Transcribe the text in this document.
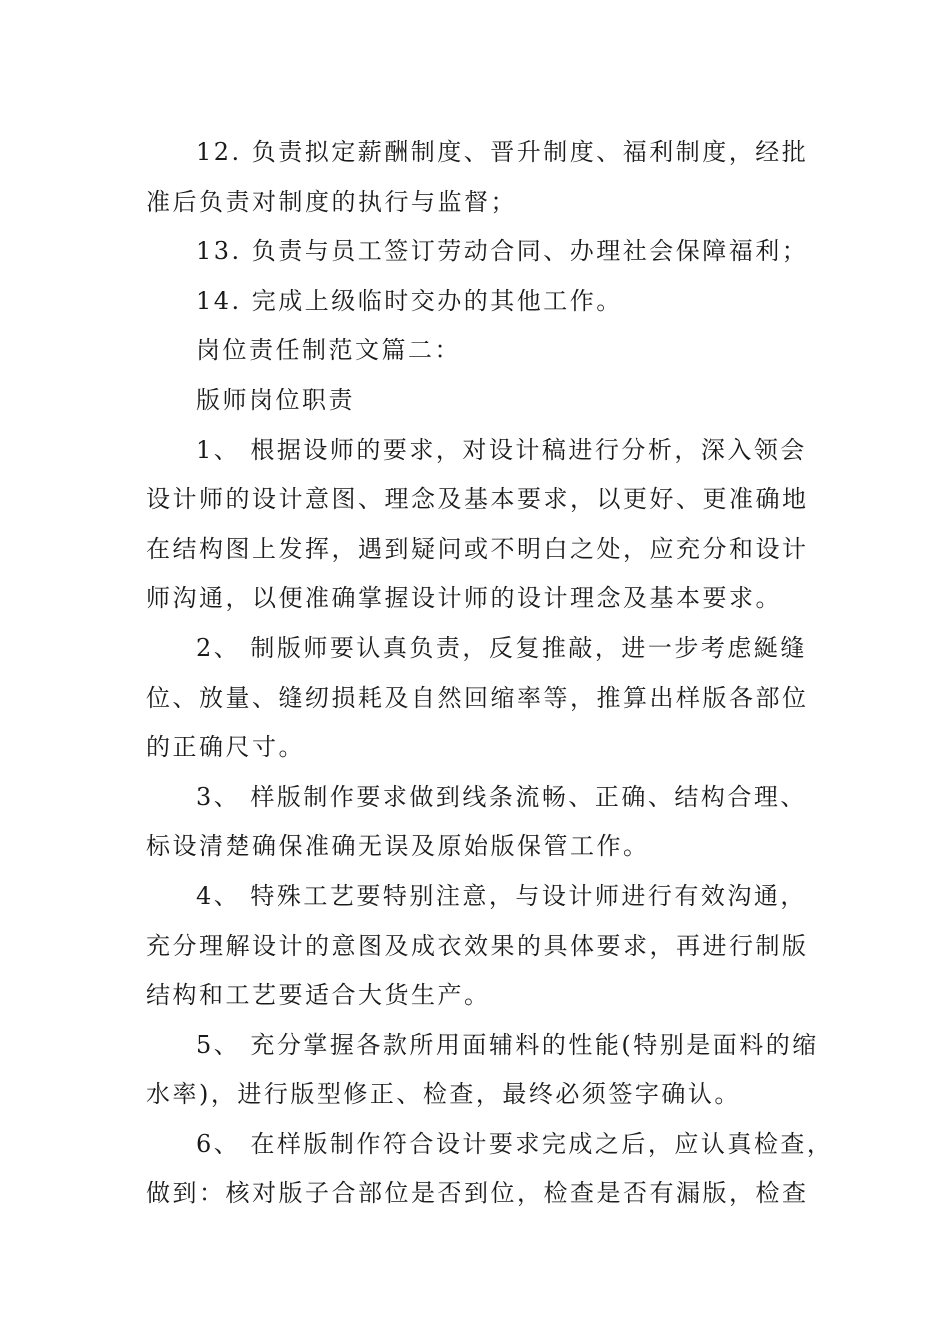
12. 负责拟定薪酬制度、晋升制度、福利制度，经批
准后负责对制度的执行与监督；
13. 负责与员工签订劳动合同、办理社会保障福利；
14. 完成上级临时交办的其他工作。
岗位责任制范文篇二：
版师岗位职责
1、 根据设师的要求，对设计稿进行分析，深入领会
设计师的设计意图、理念及基本要求，以更好、更准确地
在结构图上发挥，遇到疑问或不明白之处，应充分和设计
师沟通，以便准确掌握设计师的设计理念及基本要求。
2、 制版师要认真负责，反复推敲，进一步考虑綖缝
位、放量、缝纫损耗及自然回缩率等，推算出样版各部位
的正确尺寸。
3、 样版制作要求做到线条流畅、正确、结构合理、
标设清楚确保准确无误及原始版保管工作。
4、 特殊工艺要特别注意，与设计师进行有效沟通，
充分理解设计的意图及成衣效果的具体要求，再进行制版
结构和工艺要适合大货生产。
5、 充分掌握各款所用面辅料的性能(特别是面料的缩
水率)，进行版型修正、检查，最终必须签字确认。
6、 在样版制作符合设计要求完成之后，应认真检查，
做到：核对版子合部位是否到位，检查是否有漏版，检查
